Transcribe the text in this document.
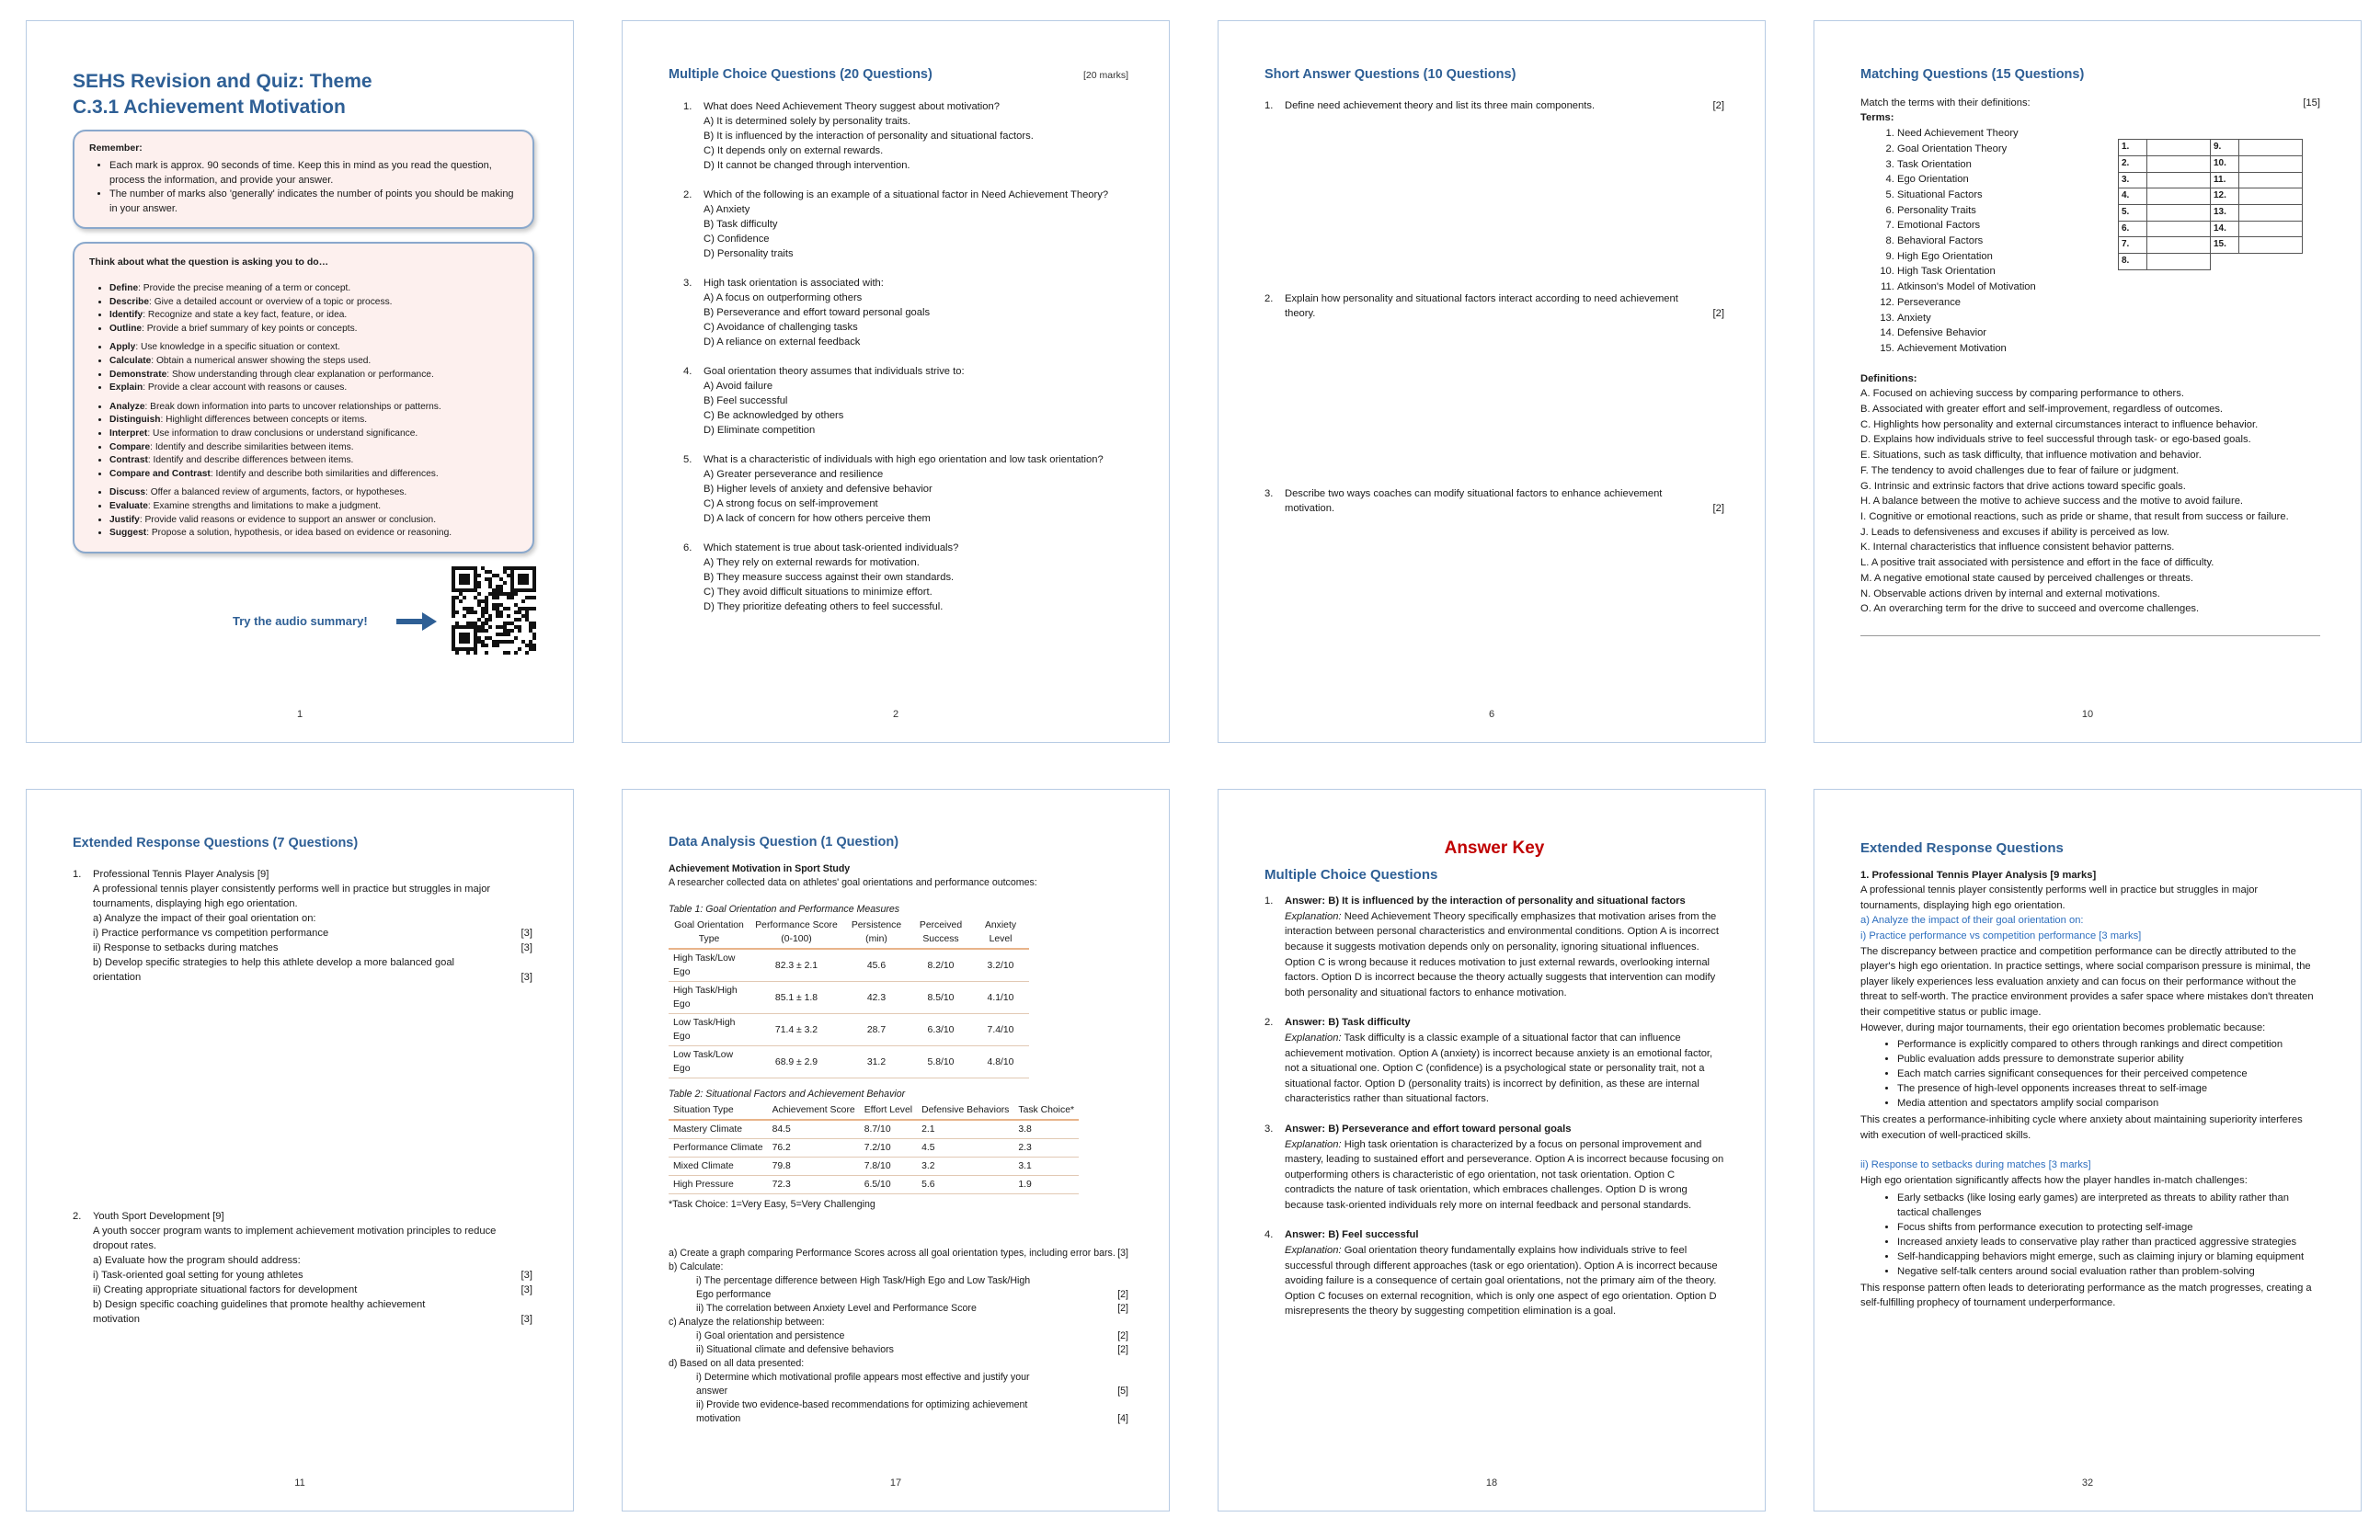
SEHS Revision and Quiz: Theme C.3.1 Achievement Motivation
Remember:
• Each mark is approx. 90 seconds of time. Keep this in mind as you read the question, process the information, and provide your answer.
• The number of marks also 'generally' indicates the number of points you should be making in your answer.
Think about what the question is asking you to do…
• Define: Provide the precise meaning of a term or concept.
• Describe: Give a detailed account or overview of a topic or process.
• Identify: Recognize and state a key fact, feature, or idea.
• Outline: Provide a brief summary of key points or concepts.
• Apply: Use knowledge in a specific situation or context.
• Calculate: Obtain a numerical answer showing the steps used.
• Demonstrate: Show understanding through clear explanation or performance.
• Explain: Provide a clear account with reasons or causes.
• Analyze: Break down information into parts to uncover relationships or patterns.
• Distinguish: Highlight differences between concepts or items.
• Interpret: Use information to draw conclusions or understand significance.
• Compare: Identify and describe similarities between items.
• Contrast: Identify and describe differences between items.
• Compare and Contrast: Identify and describe both similarities and differences.
• Discuss: Offer a balanced review of arguments, factors, or hypotheses.
• Evaluate: Examine strengths and limitations to make a judgment.
• Justify: Provide valid reasons or evidence to support an answer or conclusion.
• Suggest: Propose a solution, hypothesis, or idea based on evidence or reasoning.
Try the audio summary!
1
Multiple Choice Questions (20 Questions)	[20 marks]
1.	What does Need Achievement Theory suggest about motivation?
A) It is determined solely by personality traits.
B) It is influenced by the interaction of personality and situational factors.
C) It depends only on external rewards.
D) It cannot be changed through intervention.
2.	Which of the following is an example of a situational factor in Need Achievement Theory?
A) Anxiety
B) Task difficulty
C) Confidence
D) Personality traits
3.	High task orientation is associated with:
A) A focus on outperforming others
B) Perseverance and effort toward personal goals
C) Avoidance of challenging tasks
D) A reliance on external feedback
4.	Goal orientation theory assumes that individuals strive to:
A) Avoid failure
B) Feel successful
C) Be acknowledged by others
D) Eliminate competition
5.	What is a characteristic of individuals with high ego orientation and low task orientation?
A) Greater perseverance and resilience
B) Higher levels of anxiety and defensive behavior
C) A strong focus on self-improvement
D) A lack of concern for how others perceive them
6.	Which statement is true about task-oriented individuals?
A) They rely on external rewards for motivation.
B) They measure success against their own standards.
C) They avoid difficult situations to minimize effort.
D) They prioritize defeating others to feel successful.
2
Short Answer Questions (10 Questions)
1.	[2]
Define need achievement theory and list its three main components.
2.	Explain how personality and situational factors interact according to need achievement theory.	[2]
3.	Describe two ways coaches can modify situational factors to enhance achievement motivation.	[2]
6
Matching Questions (15 Questions)
Match the terms with their definitions:	[15]
Terms:
1. Need Achievement Theory
2. Goal Orientation Theory
3. Task Orientation
4. Ego Orientation
5. Situational Factors
6. Personality Traits
7. Emotional Factors
8. Behavioral Factors
9. High Ego Orientation
10. High Task Orientation
11. Atkinson's Model of Motivation
12. Perseverance
13. Anxiety
14. Defensive Behavior
15. Achievement Motivation
1.		9.	
2.		10.	
3.		11.	
4.		12.	
5.		13.	
6.		14.	
7.		15.	
8.			
Definitions:
A. Focused on achieving success by comparing performance to others.
B. Associated with greater effort and self-improvement, regardless of outcomes.
C. Highlights how personality and external circumstances interact to influence behavior.
D. Explains how individuals strive to feel successful through task- or ego-based goals.
E. Situations, such as task difficulty, that influence motivation and behavior.
F. The tendency to avoid challenges due to fear of failure or judgment.
G. Intrinsic and extrinsic factors that drive actions toward specific goals.
H. A balance between the motive to achieve success and the motive to avoid failure.
I. Cognitive or emotional reactions, such as pride or shame, that result from success or failure.
J. Leads to defensiveness and excuses if ability is perceived as low.
K. Internal characteristics that influence consistent behavior patterns.
L. A positive trait associated with persistence and effort in the face of difficulty.
M. A negative emotional state caused by perceived challenges or threats.
N. Observable actions driven by internal and external motivations.
O. An overarching term for the drive to succeed and overcome challenges.
10
Extended Response Questions (7 Questions)
1.	Professional Tennis Player Analysis [9]
A professional tennis player consistently performs well in practice but struggles in major tournaments, displaying high ego orientation.
a) Analyze the impact of their goal orientation on:
i) Practice performance vs competition performance	[3]
ii) Response to setbacks during matches	[3]
b) Develop specific strategies to help this athlete develop a more balanced goal orientation	[3]
2.	Youth Sport Development [9]
A youth soccer program wants to implement achievement motivation principles to reduce dropout rates.
a) Evaluate how the program should address:
i) Task-oriented goal setting for young athletes	[3]
ii) Creating appropriate situational factors for development	[3]
b) Design specific coaching guidelines that promote healthy achievement motivation	[3]
11
Data Analysis Question (1 Question)
Achievement Motivation in Sport Study
A researcher collected data on athletes' goal orientations and performance outcomes:
Table 1: Goal Orientation and Performance Measures
Goal Orientation Type	Performance Score (0-100)	Persistence (min)	Perceived Success	Anxiety Level
High Task/Low Ego	82.3 ± 2.1	45.6	8.2/10	3.2/10
High Task/High Ego	85.1 ± 1.8	42.3	8.5/10	4.1/10
Low Task/High Ego	71.4 ± 3.2	28.7	6.3/10	7.4/10
Low Task/Low Ego	68.9 ± 2.9	31.2	5.8/10	4.8/10
Table 2: Situational Factors and Achievement Behavior
Situation Type	Achievement Score	Effort Level	Defensive Behaviors	Task Choice*
Mastery Climate	84.5	8.7/10	2.1	3.8
Performance Climate	76.2	7.2/10	4.5	2.3
Mixed Climate	79.8	7.8/10	3.2	3.1
High Pressure	72.3	6.5/10	5.6	1.9
*Task Choice: 1=Very Easy, 5=Very Challenging
a) Create a graph comparing Performance Scores across all goal orientation types, including error bars. [3]
b) Calculate:
i) The percentage difference between High Task/High Ego and Low Task/High Ego performance	[2]
ii) The correlation between Anxiety Level and Performance Score	[2]
c) Analyze the relationship between:
i) Goal orientation and persistence	[2]
ii) Situational climate and defensive behaviors	[2]
d) Based on all data presented:
i) Determine which motivational profile appears most effective and justify your answer	[5]
ii) Provide two evidence-based recommendations for optimizing achievement motivation	[4]
17
Answer Key
Multiple Choice Questions
1.	Answer: B) It is influenced by the interaction of personality and situational factors
Explanation: Need Achievement Theory specifically emphasizes that motivation arises from the interaction between personal characteristics and environmental conditions. Option A is incorrect because it suggests motivation depends only on personality, ignoring situational influences. Option C is wrong because it reduces motivation to just external rewards, overlooking internal factors. Option D is incorrect because the theory actually suggests that intervention can modify both personality and situational factors to enhance motivation.
2.	Answer: B) Task difficulty
Explanation: Task difficulty is a classic example of a situational factor that can influence achievement motivation. Option A (anxiety) is incorrect because anxiety is an emotional factor, not a situational one. Option C (confidence) is a psychological state or personality trait, not a situational factor. Option D (personality traits) is incorrect by definition, as these are internal characteristics rather than situational factors.
3.	Answer: B) Perseverance and effort toward personal goals
Explanation: High task orientation is characterized by a focus on personal improvement and mastery, leading to sustained effort and perseverance. Option A is incorrect because focusing on outperforming others is characteristic of ego orientation, not task orientation. Option C contradicts the nature of task orientation, which embraces challenges. Option D is wrong because task-oriented individuals rely more on internal feedback and personal standards.
4.	Answer: B) Feel successful
Explanation: Goal orientation theory fundamentally explains how individuals strive to feel successful through different approaches (task or ego orientation). Option A is incorrect because avoiding failure is a consequence of certain goal orientations, not the primary aim of the theory. Option C focuses on external recognition, which is only one aspect of ego orientation. Option D misrepresents the theory by suggesting competition elimination is a goal.
18
Extended Response Questions
1. Professional Tennis Player Analysis [9 marks]
A professional tennis player consistently performs well in practice but struggles in major tournaments, displaying high ego orientation.
a) Analyze the impact of their goal orientation on:
i) Practice performance vs competition performance [3 marks]
The discrepancy between practice and competition performance can be directly attributed to the player's high ego orientation. In practice settings, where social comparison pressure is minimal, the player likely experiences less evaluation anxiety and can focus on their performance without the threat to self-worth. The practice environment provides a safer space where mistakes don't threaten their competitive status or public image.
However, during major tournaments, their ego orientation becomes problematic because:
• Performance is explicitly compared to others through rankings and direct competition
• Public evaluation adds pressure to demonstrate superior ability
• Each match carries significant consequences for their perceived competence
• The presence of high-level opponents increases threat to self-image
• Media attention and spectators amplify social comparison
This creates a performance-inhibiting cycle where anxiety about maintaining superiority interferes with execution of well-practiced skills.
ii) Response to setbacks during matches [3 marks]
High ego orientation significantly affects how the player handles in-match challenges:
• Early setbacks (like losing early games) are interpreted as threats to ability rather than tactical challenges
• Focus shifts from performance execution to protecting self-image
• Increased anxiety leads to conservative play rather than practiced aggressive strategies
• Self-handicapping behaviors might emerge, such as claiming injury or blaming equipment
• Negative self-talk centers around social evaluation rather than problem-solving
This response pattern often leads to deteriorating performance as the match progresses, creating a self-fulfilling prophecy of tournament underperformance.
32
